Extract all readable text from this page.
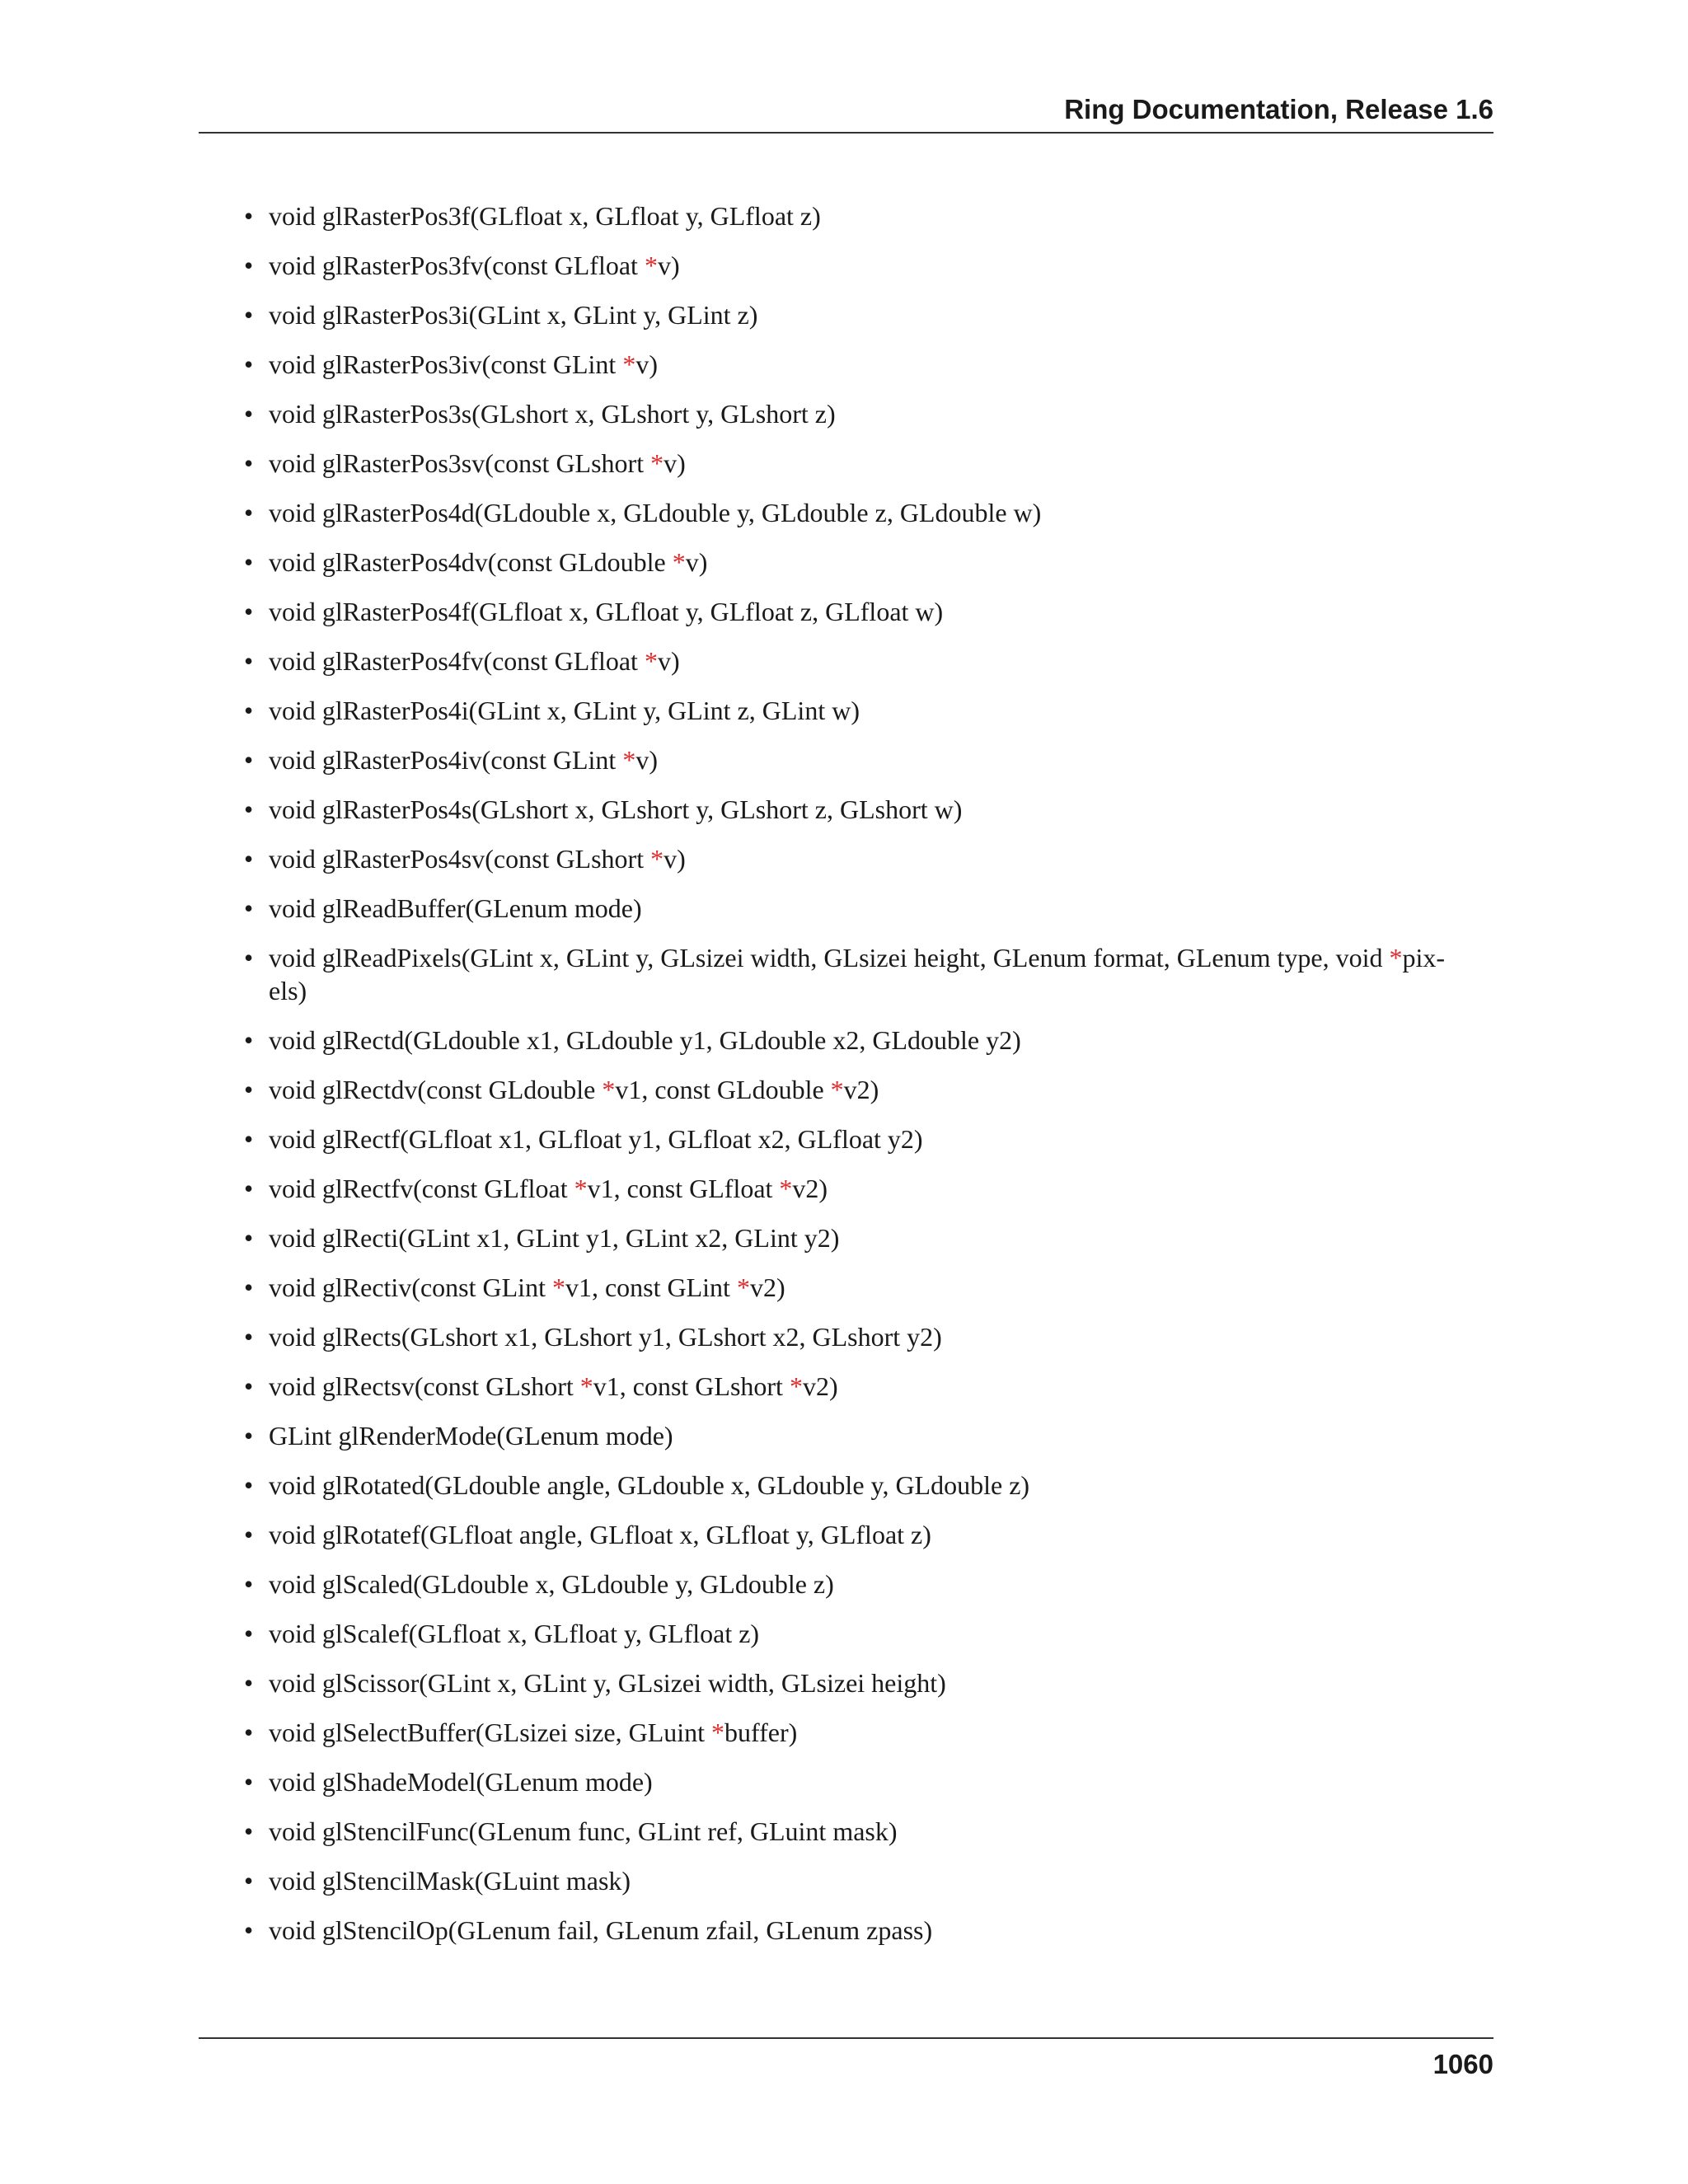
Ring Documentation, Release 1.6
• void glRasterPos3f(GLfloat x, GLfloat y, GLfloat z)
• void glRasterPos3fv(const GLfloat *v)
• void glRasterPos3i(GLint x, GLint y, GLint z)
• void glRasterPos3iv(const GLint *v)
• void glRasterPos3s(GLshort x, GLshort y, GLshort z)
• void glRasterPos3sv(const GLshort *v)
• void glRasterPos4d(GLdouble x, GLdouble y, GLdouble z, GLdouble w)
• void glRasterPos4dv(const GLdouble *v)
• void glRasterPos4f(GLfloat x, GLfloat y, GLfloat z, GLfloat w)
• void glRasterPos4fv(const GLfloat *v)
• void glRasterPos4i(GLint x, GLint y, GLint z, GLint w)
• void glRasterPos4iv(const GLint *v)
• void glRasterPos4s(GLshort x, GLshort y, GLshort z, GLshort w)
• void glRasterPos4sv(const GLshort *v)
• void glReadBuffer(GLenum mode)
• void glReadPixels(GLint x, GLint y, GLsizei width, GLsizei height, GLenum format, GLenum type, void *pix-
els)
• void glRectd(GLdouble x1, GLdouble y1, GLdouble x2, GLdouble y2)
• void glRectdv(const GLdouble *v1, const GLdouble *v2)
• void glRectf(GLfloat x1, GLfloat y1, GLfloat x2, GLfloat y2)
• void glRectfv(const GLfloat *v1, const GLfloat *v2)
• void glRecti(GLint x1, GLint y1, GLint x2, GLint y2)
• void glRectiv(const GLint *v1, const GLint *v2)
• void glRects(GLshort x1, GLshort y1, GLshort x2, GLshort y2)
• void glRectsv(const GLshort *v1, const GLshort *v2)
• GLint glRenderMode(GLenum mode)
• void glRotated(GLdouble angle, GLdouble x, GLdouble y, GLdouble z)
• void glRotatef(GLfloat angle, GLfloat x, GLfloat y, GLfloat z)
• void glScaled(GLdouble x, GLdouble y, GLdouble z)
• void glScalef(GLfloat x, GLfloat y, GLfloat z)
• void glScissor(GLint x, GLint y, GLsizei width, GLsizei height)
• void glSelectBuffer(GLsizei size, GLuint *buffer)
• void glShadeModel(GLenum mode)
• void glStencilFunc(GLenum func, GLint ref, GLuint mask)
• void glStencilMask(GLuint mask)
• void glStencilOp(GLenum fail, GLenum zfail, GLenum zpass)
1060
